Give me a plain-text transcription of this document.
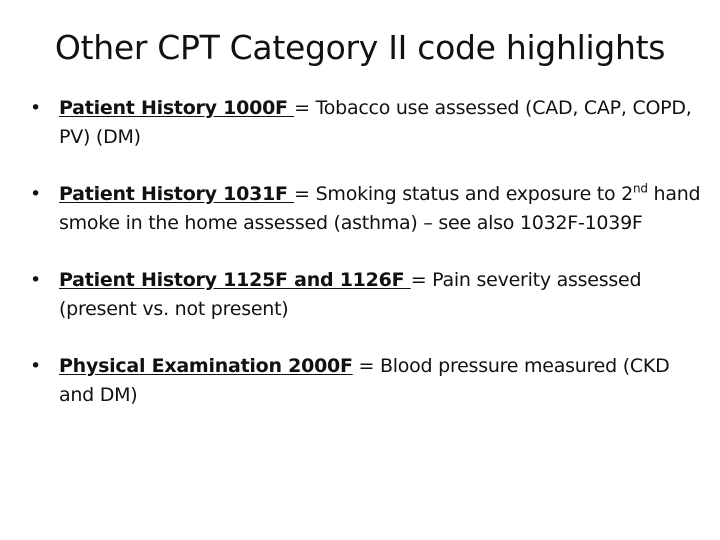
Other CPT Category II code highlights
• Patient History 1000F = Tobacco use assessed (CAD, CAP, COPD, PV) (DM)
• Patient History 1031F = Smoking status and exposure to 2nd hand smoke in the home assessed (asthma) – see also 1032F-1039F
• Patient History 1125F and 1126F = Pain severity assessed (present vs. not present)
• Physical Examination 2000F = Blood pressure measured (CKD and DM)
